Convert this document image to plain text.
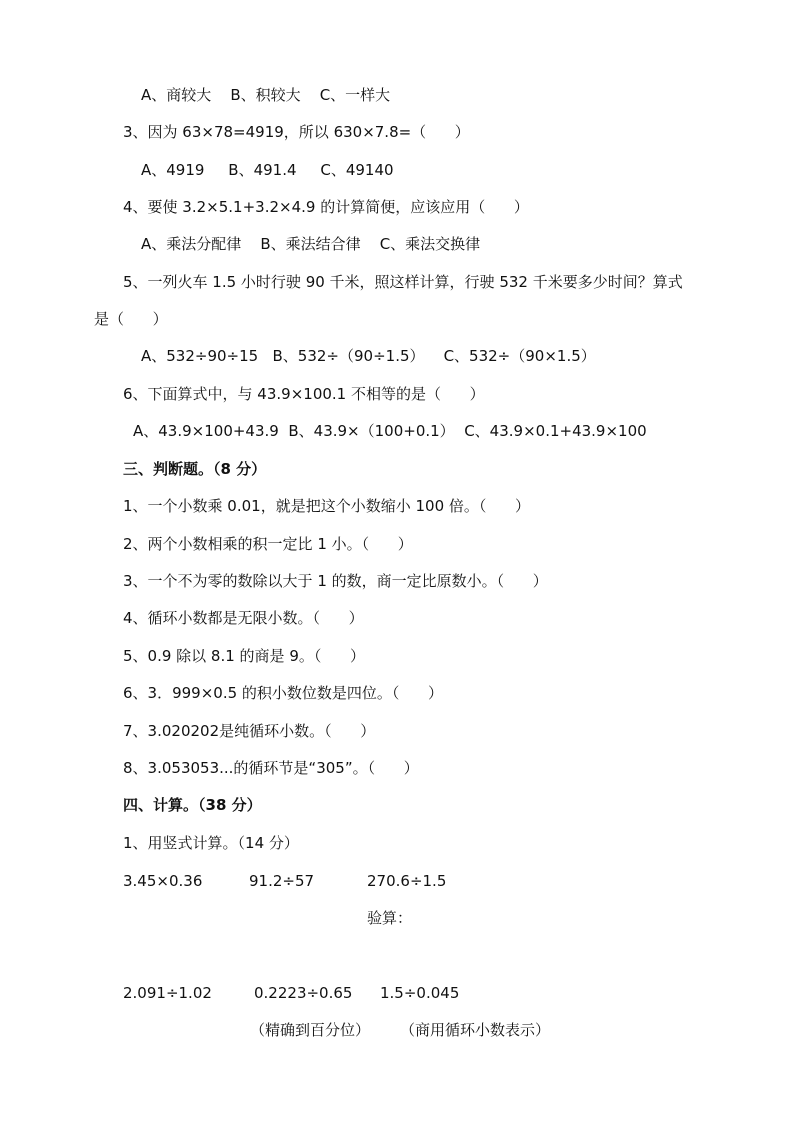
A、商较大    B、积较大    C、一样大
3、因为 63×78=4919，所以 630×7.8=（      ）
A、4919     B、491.4     C、49140
4、要使 3.2×5.1+3.2×4.9 的计算简便，应该应用（      ）
A、乘法分配律    B、乘法结合律    C、乘法交换律
5、一列火车 1.5 小时行驶 90 千米，照这样计算，行驶 532 千米要多少时间？算式
是（      ）
A、532÷90÷15   B、532÷（90÷1.5）    C、532÷（90×1.5）
6、下面算式中，与 43.9×100.1 不相等的是（      ）
A、43.9×100+43.9  B、43.9×（100+0.1）  C、43.9×0.1+43.9×100
三、判断题。（8 分）
1、一个小数乘 0.01，就是把这个小数缩小 100 倍。（      ）
2、两个小数相乘的积一定比 1 小。（      ）
3、一个不为零的数除以大于 1 的数，商一定比原数小。（      ）
4、循环小数都是无限小数。（      ）
5、0.9 除以 8.1 的商是 9。（      ）
6、3．999×0.5 的积小数位数是四位。（      ）
7、3.020202是纯循环小数。（      ）
8、3.053053...的循环节是“305”。（      ）
四、计算。（38 分）
1、用竖式计算。（14 分）
3.45×0.36	91.2÷57	270.6÷1.5
验算：
2.091÷1.02	0.2223÷0.65 1.5÷0.045
（精确到百分位） （商用循环小数表示）
